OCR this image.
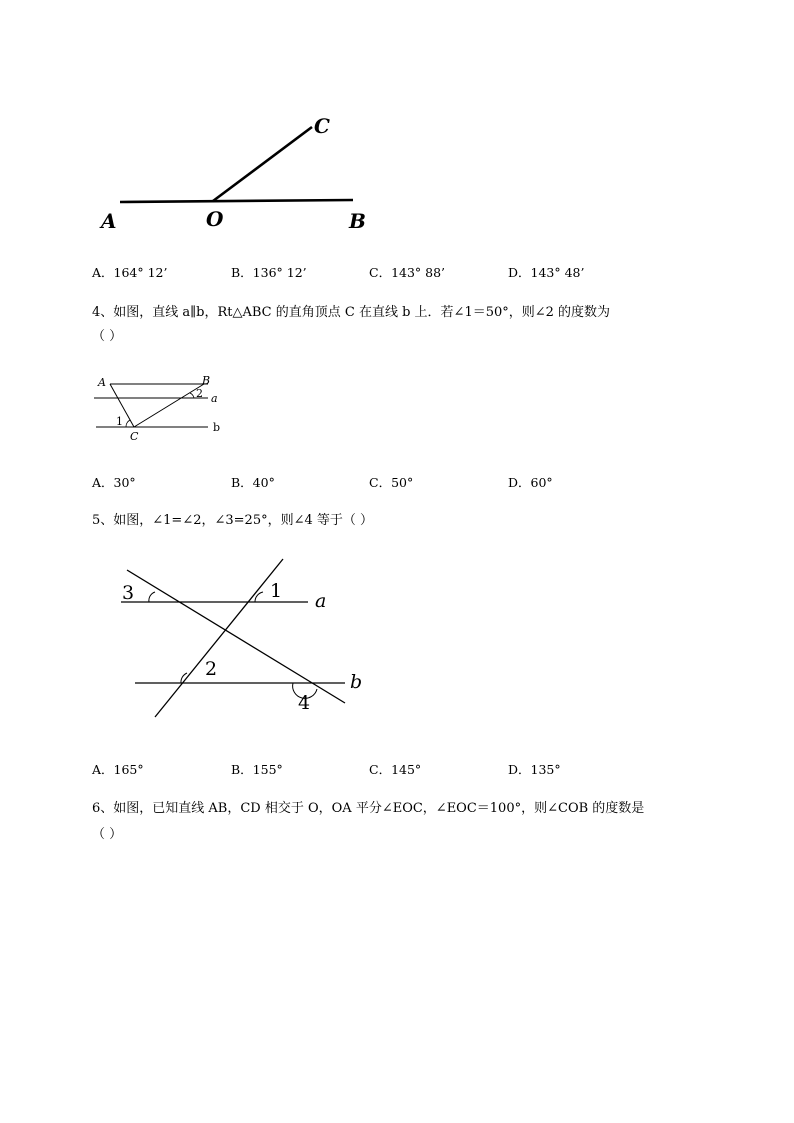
A	O	B
C
A．164° 12’	B．136° 12’	C．143° 88’	D．143° 48’
4、如图，直线 a∥b，Rt△ABC 的直角顶点 C 在直线 b 上．若∠1＝50°，则∠2 的度数为
（ ）
A	B
C
a
b
1
2
A．30°	B．40°	C．50°	D．60°
5、如图，∠1=∠2，∠3=25°，则∠4 等于（ ）
3	1 a
2
b
4
A．165°	B．155°	C．145°	D．135°
6、如图，已知直线 AB，CD 相交于 O，OA 平分∠EOC，∠EOC＝100°，则∠COB 的度数是
（ ）
